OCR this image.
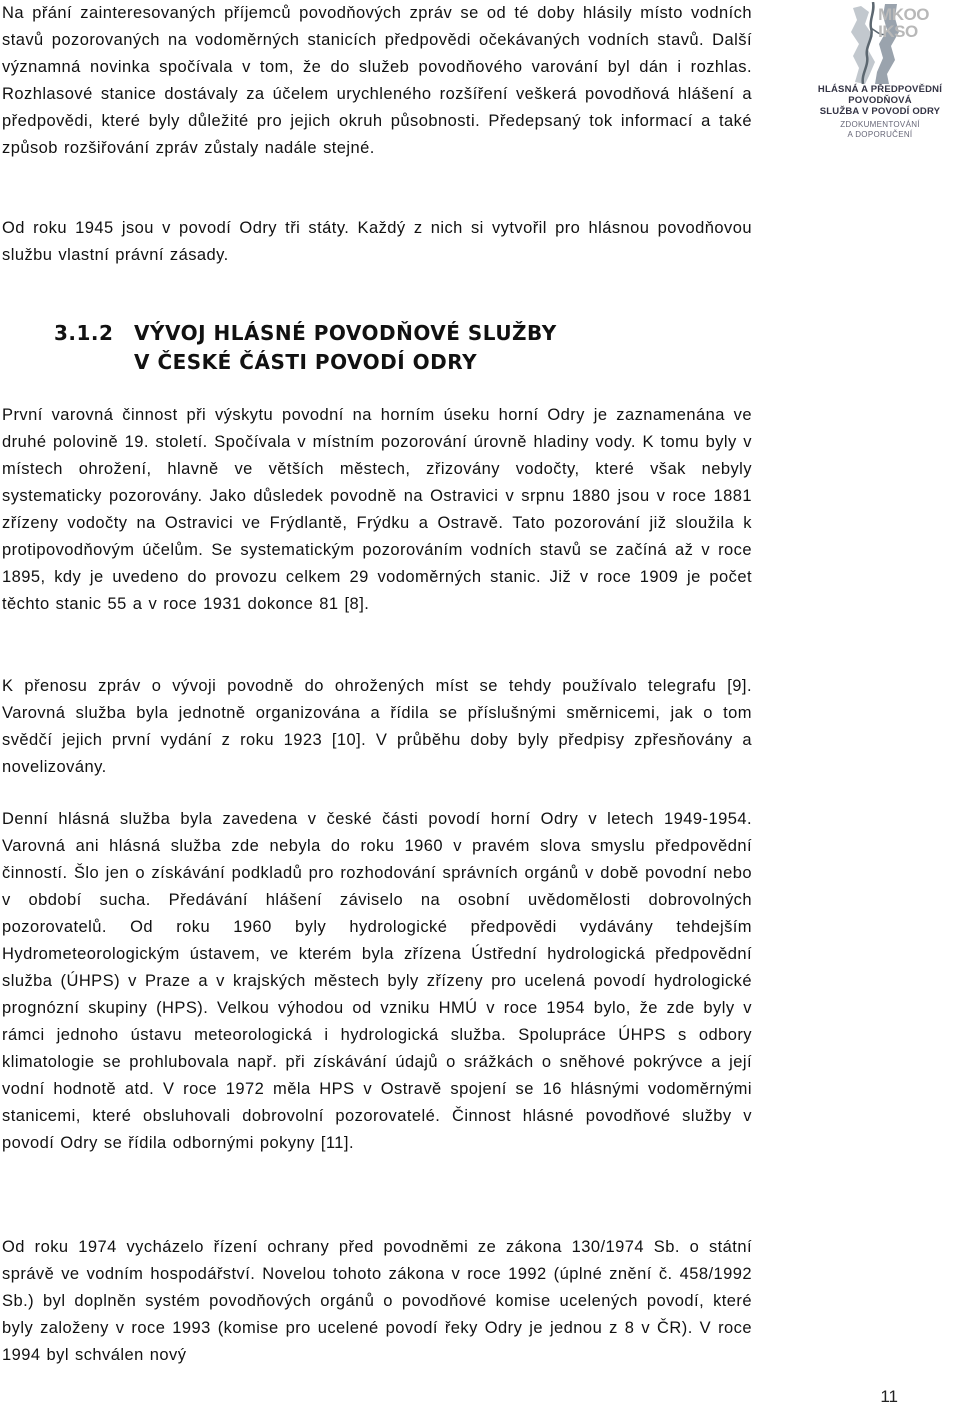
Na přání zainteresovaných příjemců povodňových zpráv se od té doby hlásily místo vodních stavů pozorovaných na vodoměrných stanicích předpovědi očekávaných vodních stavů. Další významná novinka spočívala v tom, že do služeb povodňového varování byl dán i rozhlas. Rozhlasové stanice dostávaly za účelem urychleného rozšíření veškerá povodňová hlášení a předpovědi, které byly důležité pro jejich okruh působnosti. Předepsaný tok informací a také způsob rozšiřování zpráv zůstaly nadále stejné.

Od roku 1945 jsou v povodí Odry tři státy. Každý z nich si vytvořil pro hlásnou povodňovou službu vlastní právní zásady.

3.1.2 VÝVOJ HLÁSNÉ POVODŇOVÉ SLUŽBY
V ČESKÉ ČÁSTI POVODÍ ODRY

První varovná činnost při výskytu povodní na horním úseku horní Odry je zaznamenána ve druhé polovině 19. století. Spočívala v místním pozorování úrovně hladiny vody. K tomu byly v místech ohrožení, hlavně ve větších městech, zřizovány vodočty, které však nebyly systematicky pozorovány. Jako důsledek povodně na Ostravici v srpnu 1880 jsou v roce 1881 zřízeny vodočty na Ostravici ve Frýdlantě, Frýdku a Ostravě. Tato pozorování již sloužila k protipovodňovým účelům. Se systematickým pozorováním vodních stavů se začíná až v roce 1895, kdy je uvedeno do provozu celkem 29 vodoměrných stanic. Již v roce 1909 je počet těchto stanic 55 a v roce 1931 dokonce 81 [8].

K přenosu zpráv o vývoji povodně do ohrožených míst se tehdy používalo telegrafu [9]. Varovná služba byla jednotně organizována a řídila se příslušnými směrnicemi, jak o tom svědčí jejich první vydání z roku 1923 [10]. V průběhu doby byly předpisy zpřesňovány a novelizovány.

Denní hlásná služba byla zavedena v české části povodí horní Odry v letech 1949-1954. Varovná ani hlásná služba zde nebyla do roku 1960 v pravém slova smyslu předpovědní činností. Šlo jen o získávání podkladů pro rozhodování správních orgánů v době povodní nebo v období sucha. Předávání hlášení záviselo na osobní uvědomělosti dobrovolných pozorovatelů. Od roku 1960 byly hydrologické předpovědi vydávány tehdejším Hydrometeorologickým ústavem, ve kterém byla zřízena Ústřední hydrologická předpovědní služba (ÚHPS) v Praze a v krajských městech byly zřízeny pro ucelená povodí hydrologické prognózní skupiny (HPS). Velkou výhodou od vzniku HMÚ v roce 1954 bylo, že zde byly v rámci jednoho ústavu meteorologická i hydrologická služba. Spolupráce ÚHPS s odbory klimatologie se prohlubovala např. při získávání údajů o srážkách o sněhové pokrývce a její vodní hodnotě atd. V roce 1972 měla HPS v Ostravě spojení se 16 hlásnými vodoměrnými stanicemi, které obsluhovali dobrovolní pozorovatelé. Činnost hlásné povodňové služby v povodí Odry se řídila odbornými pokyny [11].

Od roku 1974 vycházelo řízení ochrany před povodněmi ze zákona 130/1974 Sb. o státní správě ve vodním hospodářství. Novelou tohoto zákona v roce 1992 (úplné znění č. 458/1992 Sb.) byl doplněn systém povodňových orgánů o povodňové komise ucelených povodí, které byly založeny v roce 1993 (komise pro ucelené povodí řeky Odry je jednou z 8 v ČR). V roce 1994 byl schválen nový

MKOO
IKSO
HLÁSNÁ A PŘEDPOVĚDNÍ
POVODŇOVÁ
SLUŽBA V POVODÍ ODRY
ZDOKUMENTOVÁNÍ
A DOPORUČENÍ
11
